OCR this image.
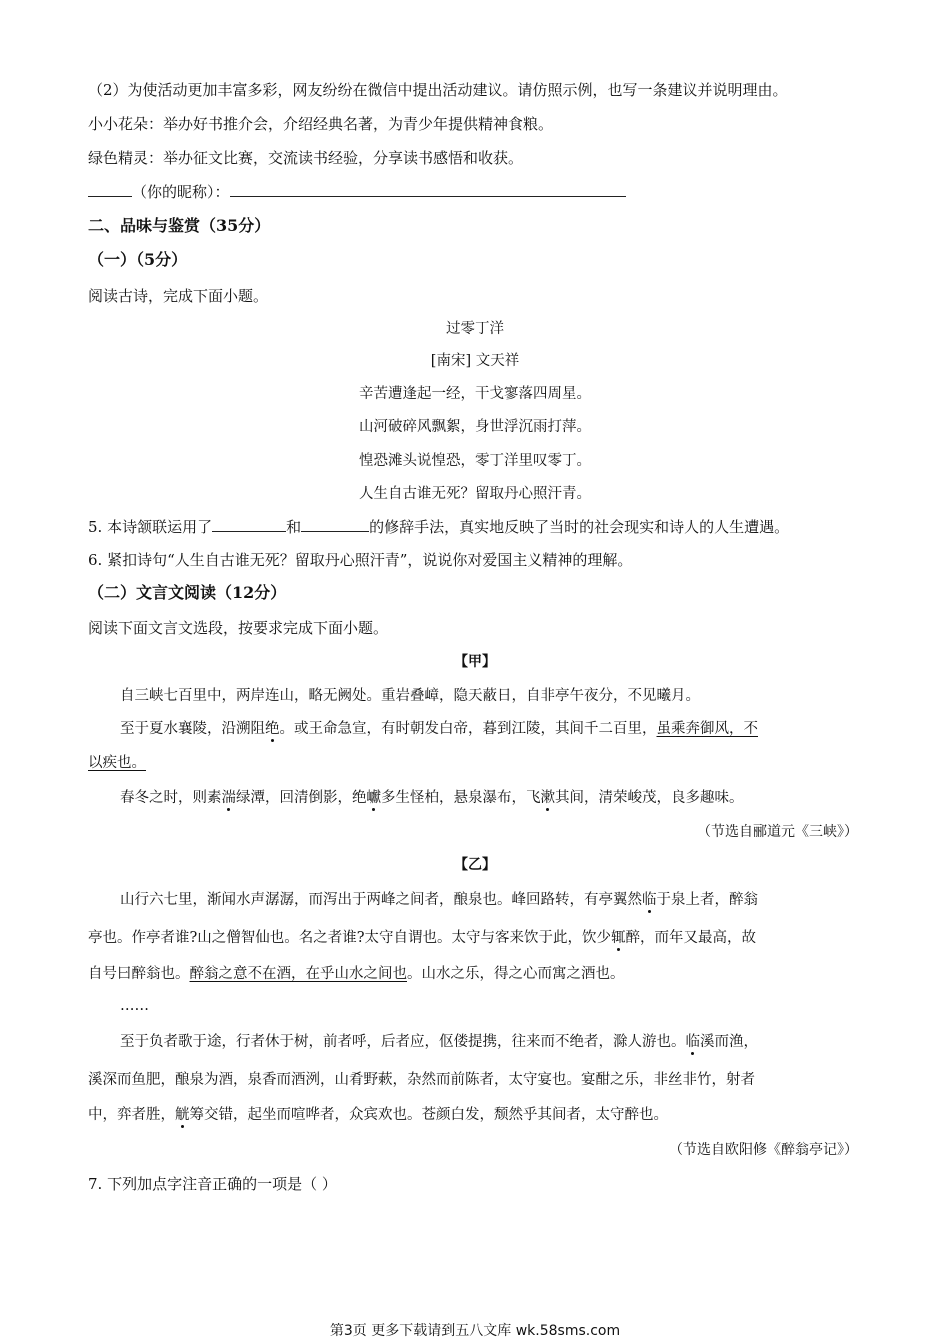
（2）为使活动更加丰富多彩，网友纷纷在微信中提出活动建议。请仿照示例，也写一条建议并说明理由。
小小花朵：举办好书推介会，介绍经典名著，为青少年提供精神食粮。
绿色精灵：举办征文比赛，交流读书经验，分享读书感悟和收获。
（你的昵称）：
二、品味与鉴赏（35分）
（一）（5分）
阅读古诗，完成下面小题。
过零丁洋
[南宋] 文天祥
辛苦遭逢起一经，干戈寥落四周星。
山河破碎风飘絮，身世浮沉雨打萍。
惶恐滩头说惶恐，零丁洋里叹零丁。
人生自古谁无死？留取丹心照汗青。
5. 本诗颔联运用了	和	的修辞手法，真实地反映了当时的社会现实和诗人的人生遭遇。
6. 紧扣诗句“人生自古谁无死？留取丹心照汗青”，说说你对爱国主义精神的理解。
（二）文言文阅读（12分）
阅读下面文言文选段，按要求完成下面小题。
【甲】
自三峡七百里中，两岸连山，略无阙处。重岩叠嶂，隐天蔽日，自非亭午夜分，不见曦月。
至于夏水襄陵，沿溯阻绝。或王命急宣，有时朝发白帝，暮到江陵，其间千二百里，虽乘奔御风，不
以疾也。
春冬之时，则素湍绿潭，回清倒影，绝巘多生怪柏，悬泉瀑布，飞漱其间，清荣峻茂，良多趣味。
（节选自郦道元《三峡》）
【乙】
山行六七里，渐闻水声潺潺，而泻出于两峰之间者，酿泉也。峰回路转，有亭翼然临于泉上者，醉翁
亭也。作亭者谁?山之僧智仙也。名之者谁?太守自谓也。太守与客来饮于此，饮少辄醉，而年又最高，故
自号曰醉翁也。醉翁之意不在酒，在乎山水之间也。山水之乐，得之心而寓之酒也。
……
至于负者歌于途，行者休于树，前者呼，后者应，伛偻提携，往来而不绝者，滁人游也。临溪而渔，
溪深而鱼肥，酿泉为酒，泉香而酒洌，山肴野蔌，杂然而前陈者，太守宴也。宴酣之乐，非丝非竹，射者
中，弈者胜，觥筹交错，起坐而喧哗者，众宾欢也。苍颜白发，颓然乎其间者，太守醉也。
（节选自欧阳修《醉翁亭记》）
7. 下列加点字注音正确的一项是（ ）
第3页 更多下载请到五八文库 wk.58sms.com
